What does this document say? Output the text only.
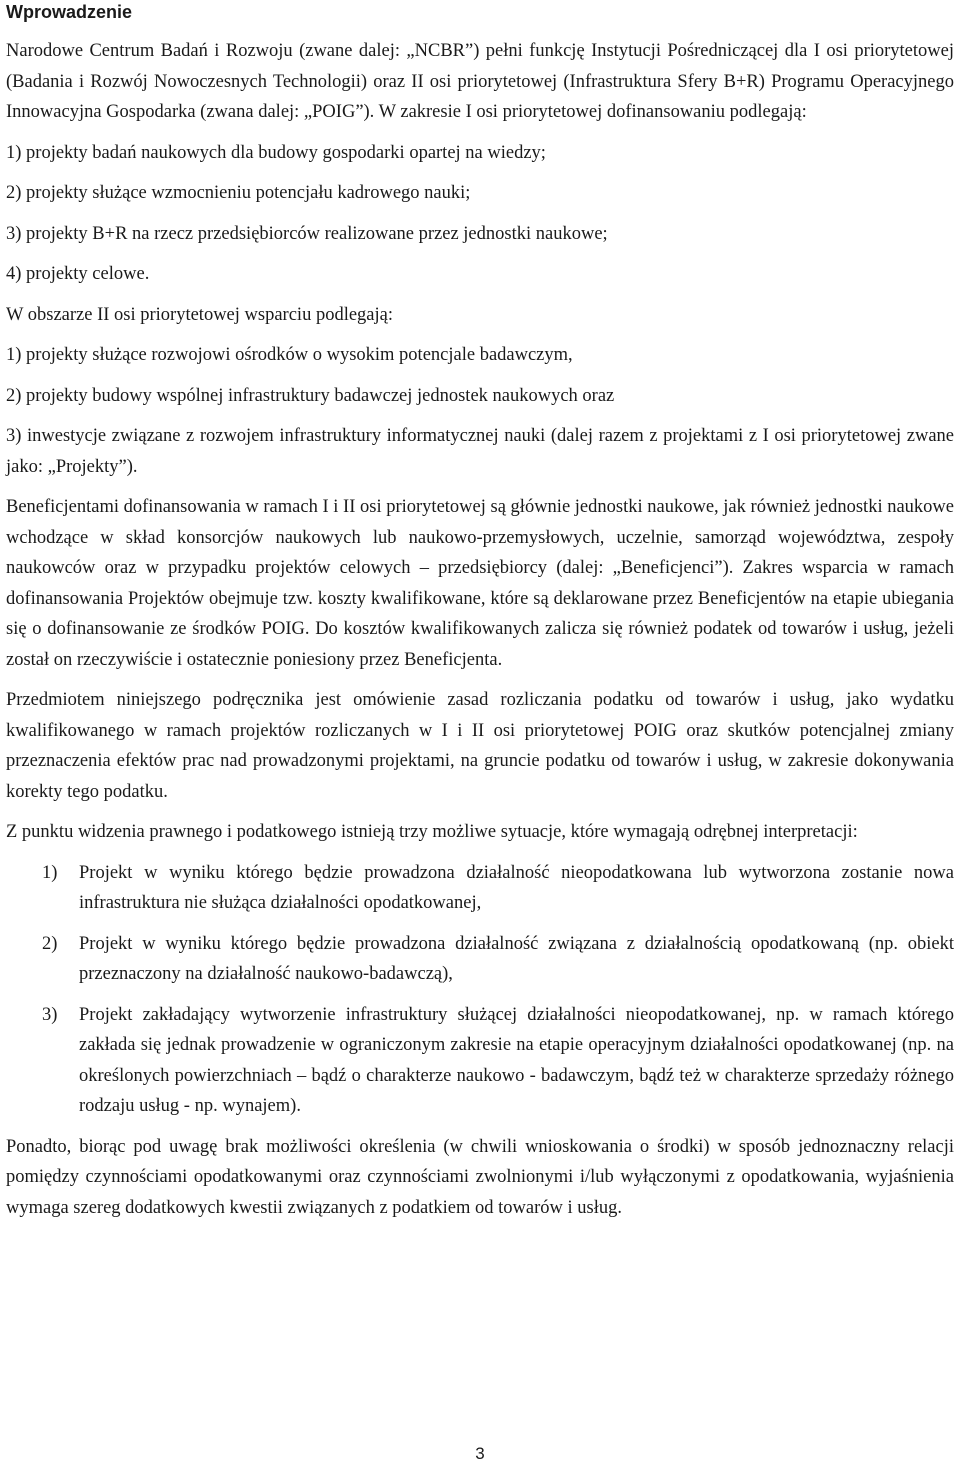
Wprowadzenie

Narodowe Centrum Badań i Rozwoju (zwane dalej: „NCBR”) pełni funkcję Instytucji Pośredniczącej dla I osi priorytetowej (Badania i Rozwój Nowoczesnych Technologii) oraz II osi priorytetowej (Infrastruktura Sfery B+R) Programu Operacyjnego Innowacyjna Gospodarka (zwana dalej: „POIG”). W zakresie I osi priorytetowej dofinansowaniu podlegają:

1) projekty badań naukowych dla budowy gospodarki opartej na wiedzy;

2) projekty służące wzmocnieniu potencjału kadrowego nauki;

3) projekty B+R na rzecz przedsiębiorców realizowane przez jednostki naukowe;

4) projekty celowe.

W obszarze II osi priorytetowej wsparciu podlegają:

1) projekty służące rozwojowi ośrodków o wysokim potencjale badawczym,

2) projekty budowy wspólnej infrastruktury badawczej jednostek naukowych oraz

3) inwestycje związane z rozwojem infrastruktury informatycznej nauki (dalej razem z projektami z I osi priorytetowej zwane jako: „Projekty”).

Beneficjentami dofinansowania w ramach I i II osi priorytetowej są głównie jednostki naukowe, jak również jednostki naukowe wchodzące w skład konsorcjów naukowych lub naukowo-przemysłowych, uczelnie, samorząd województwa, zespoły naukowców oraz w przypadku projektów celowych – przedsiębiorcy (dalej: „Beneficjenci”). Zakres wsparcia w ramach dofinansowania Projektów obejmuje tzw. koszty kwalifikowane, które są deklarowane przez Beneficjentów na etapie ubiegania się o dofinansowanie ze środków POIG. Do kosztów kwalifikowanych zalicza się również podatek od towarów i usług, jeżeli został on rzeczywiście i ostatecznie poniesiony przez Beneficjenta.

Przedmiotem niniejszego podręcznika jest omówienie zasad rozliczania podatku od towarów i usług, jako wydatku kwalifikowanego w ramach projektów rozliczanych w I i II osi priorytetowej POIG oraz skutków potencjalnej zmiany przeznaczenia efektów prac nad prowadzonymi projektami, na gruncie podatku od towarów i usług, w zakresie dokonywania korekty tego podatku.

Z punktu widzenia prawnego i podatkowego istnieją trzy możliwe sytuacje, które wymagają odrębnej interpretacji:

1) Projekt w wyniku którego będzie prowadzona działalność nieopodatkowana lub wytworzona zostanie nowa infrastruktura nie służąca działalności opodatkowanej,
2) Projekt w wyniku którego będzie prowadzona działalność związana z działalnością opodatkowaną (np. obiekt przeznaczony na działalność naukowo-badawczą),
3) Projekt zakładający wytworzenie infrastruktury służącej działalności nieopodatkowanej, np. w ramach którego zakłada się jednak prowadzenie w ograniczonym zakresie na etapie operacyjnym działalności opodatkowanej (np. na określonych powierzchniach – bądź o charakterze naukowo - badawczym, bądź też w charakterze sprzedaży różnego rodzaju usług - np. wynajem).

Ponadto, biorąc pod uwagę brak możliwości określenia (w chwili wnioskowania o środki) w sposób jednoznaczny relacji pomiędzy czynnościami opodatkowanymi oraz czynnościami zwolnionymi i/lub wyłączonymi z opodatkowania, wyjaśnienia wymaga szereg dodatkowych kwestii związanych z podatkiem od towarów i usług.

3
